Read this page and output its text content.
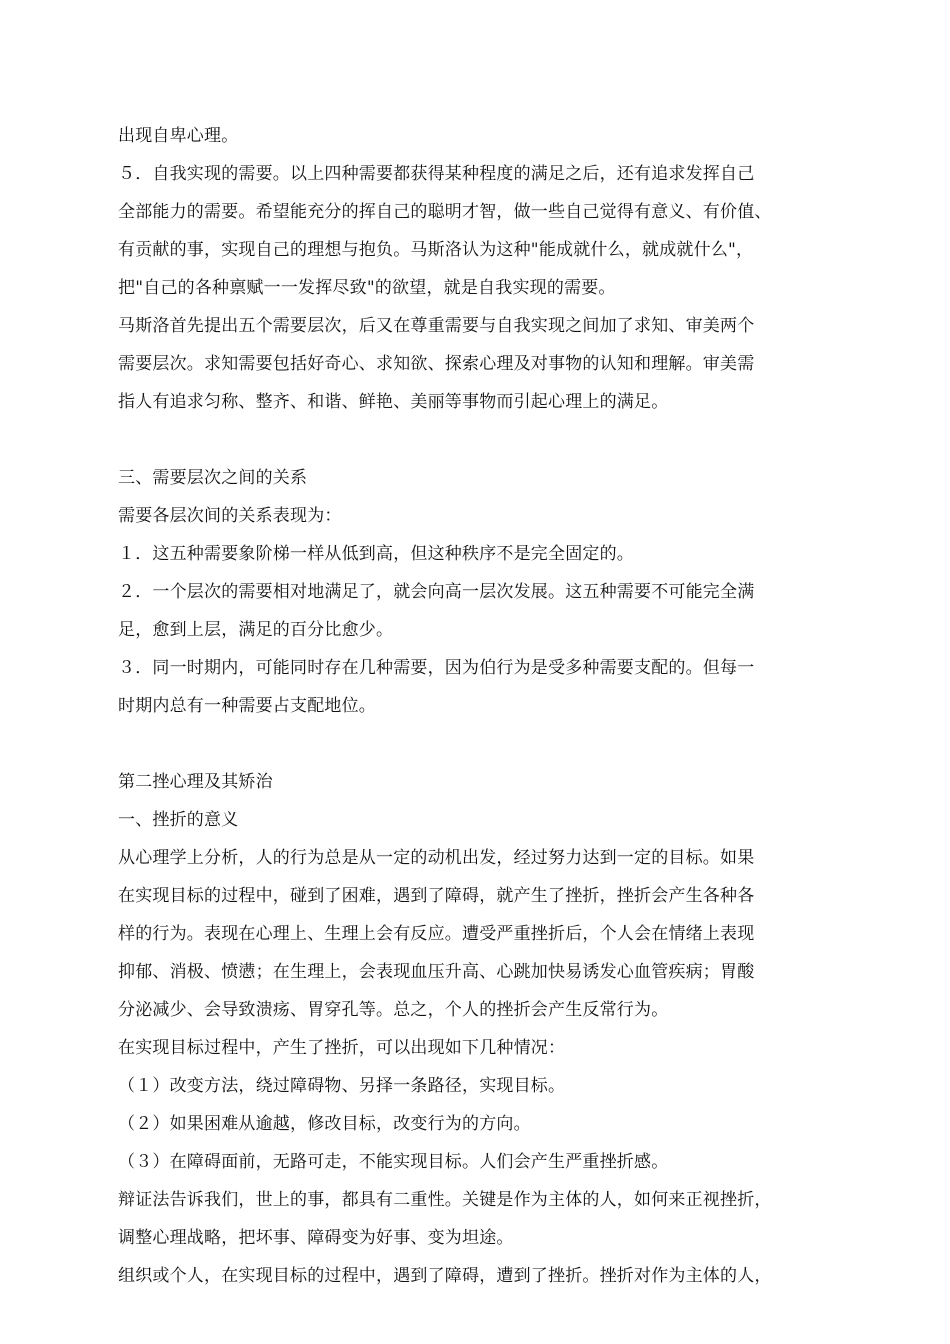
出现自卑心理。
５．自我实现的需要。以上四种需要都获得某种程度的满足之后，还有追求发挥自己
全部能力的需要。希望能充分的挥自己的聪明才智，做一些自己觉得有意义、有价值、
有贡献的事，实现自己的理想与抱负。马斯洛认为这种"能成就什么，就成就什么"，
把"自己的各种禀赋一一发挥尽致"的欲望，就是自我实现的需要。
马斯洛首先提出五个需要层次，后又在尊重需要与自我实现之间加了求知、审美两个
需要层次。求知需要包括好奇心、求知欲、探索心理及对事物的认知和理解。审美需
指人有追求匀称、整齐、和谐、鲜艳、美丽等事物而引起心理上的满足。
三、需要层次之间的关系
需要各层次间的关系表现为：
１．这五种需要象阶梯一样从低到高，但这种秩序不是完全固定的。
２．一个层次的需要相对地满足了，就会向高一层次发展。这五种需要不可能完全满
足，愈到上层，满足的百分比愈少。
３．同一时期内，可能同时存在几种需要，因为伯行为是受多种需要支配的。但每一
时期内总有一种需要占支配地位。
第二挫心理及其矫治
一、挫折的意义
从心理学上分析，人的行为总是从一定的动机出发，经过努力达到一定的目标。如果
在实现目标的过程中，碰到了困难，遇到了障碍，就产生了挫折，挫折会产生各种各
样的行为。表现在心理上、生理上会有反应。遭受严重挫折后，个人会在情绪上表现
抑郁、消极、愤懑；在生理上，会表现血压升高、心跳加快易诱发心血管疾病；胃酸
分泌减少、会导致溃疡、胃穿孔等。总之，个人的挫折会产生反常行为。
在实现目标过程中，产生了挫折，可以出现如下几种情况：
（１）改变方法，绕过障碍物、另择一条路径，实现目标。
（２）如果困难从逾越，修改目标，改变行为的方向。
（３）在障碍面前，无路可走，不能实现目标。人们会产生严重挫折感。
辩证法告诉我们，世上的事，都具有二重性。关键是作为主体的人，如何来正视挫折，
调整心理战略，把坏事、障碍变为好事、变为坦途。
组织或个人，在实现目标的过程中，遇到了障碍，遭到了挫折。挫折对作为主体的人，
